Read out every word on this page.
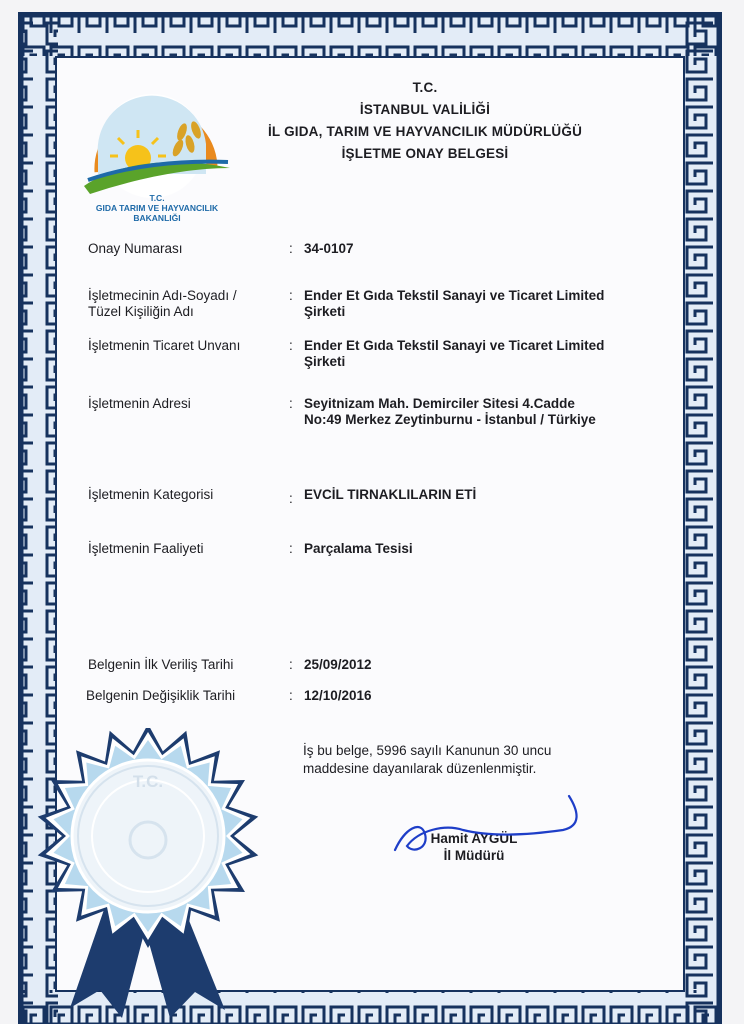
T.C.
GIDA TARIM VE HAYVANCILIK
BAKANLIĞI
T.C.
İSTANBUL VALİLİĞİ
İL GIDA, TARIM VE HAYVANCILIK MÜDÜRLÜĞÜ
İŞLETME ONAY BELGESİ
Onay Numarası	: 34-0107
İşletmecinin Adı-Soyadı /
Tüzel Kişiliğin Adı
: Ender Et Gıda Tekstil Sanayi ve Ticaret Limited
Şirketi
İşletmenin Ticaret Unvanı	: Ender Et Gıda Tekstil Sanayi ve Ticaret Limited
Şirketi
İşletmenin Adresi	: Seyitnizam Mah. Demirciler Sitesi 4.Cadde
No:49 Merkez Zeytinburnu - İstanbul / Türkiye
İşletmenin Kategorisi	: EVCİL TIRNAKLILARIN ETİ
İşletmenin Faaliyeti	: Parçalama Tesisi
Belgenin İlk Veriliş Tarihi	: 25/09/2012
Belgenin Değişiklik Tarihi	: 12/10/2016
İş bu belge, 5996 sayılı Kanunun 30 uncu
maddesine dayanılarak düzenlenmiştir.
Hamit AYGÜL
İl Müdürü
T.C.
